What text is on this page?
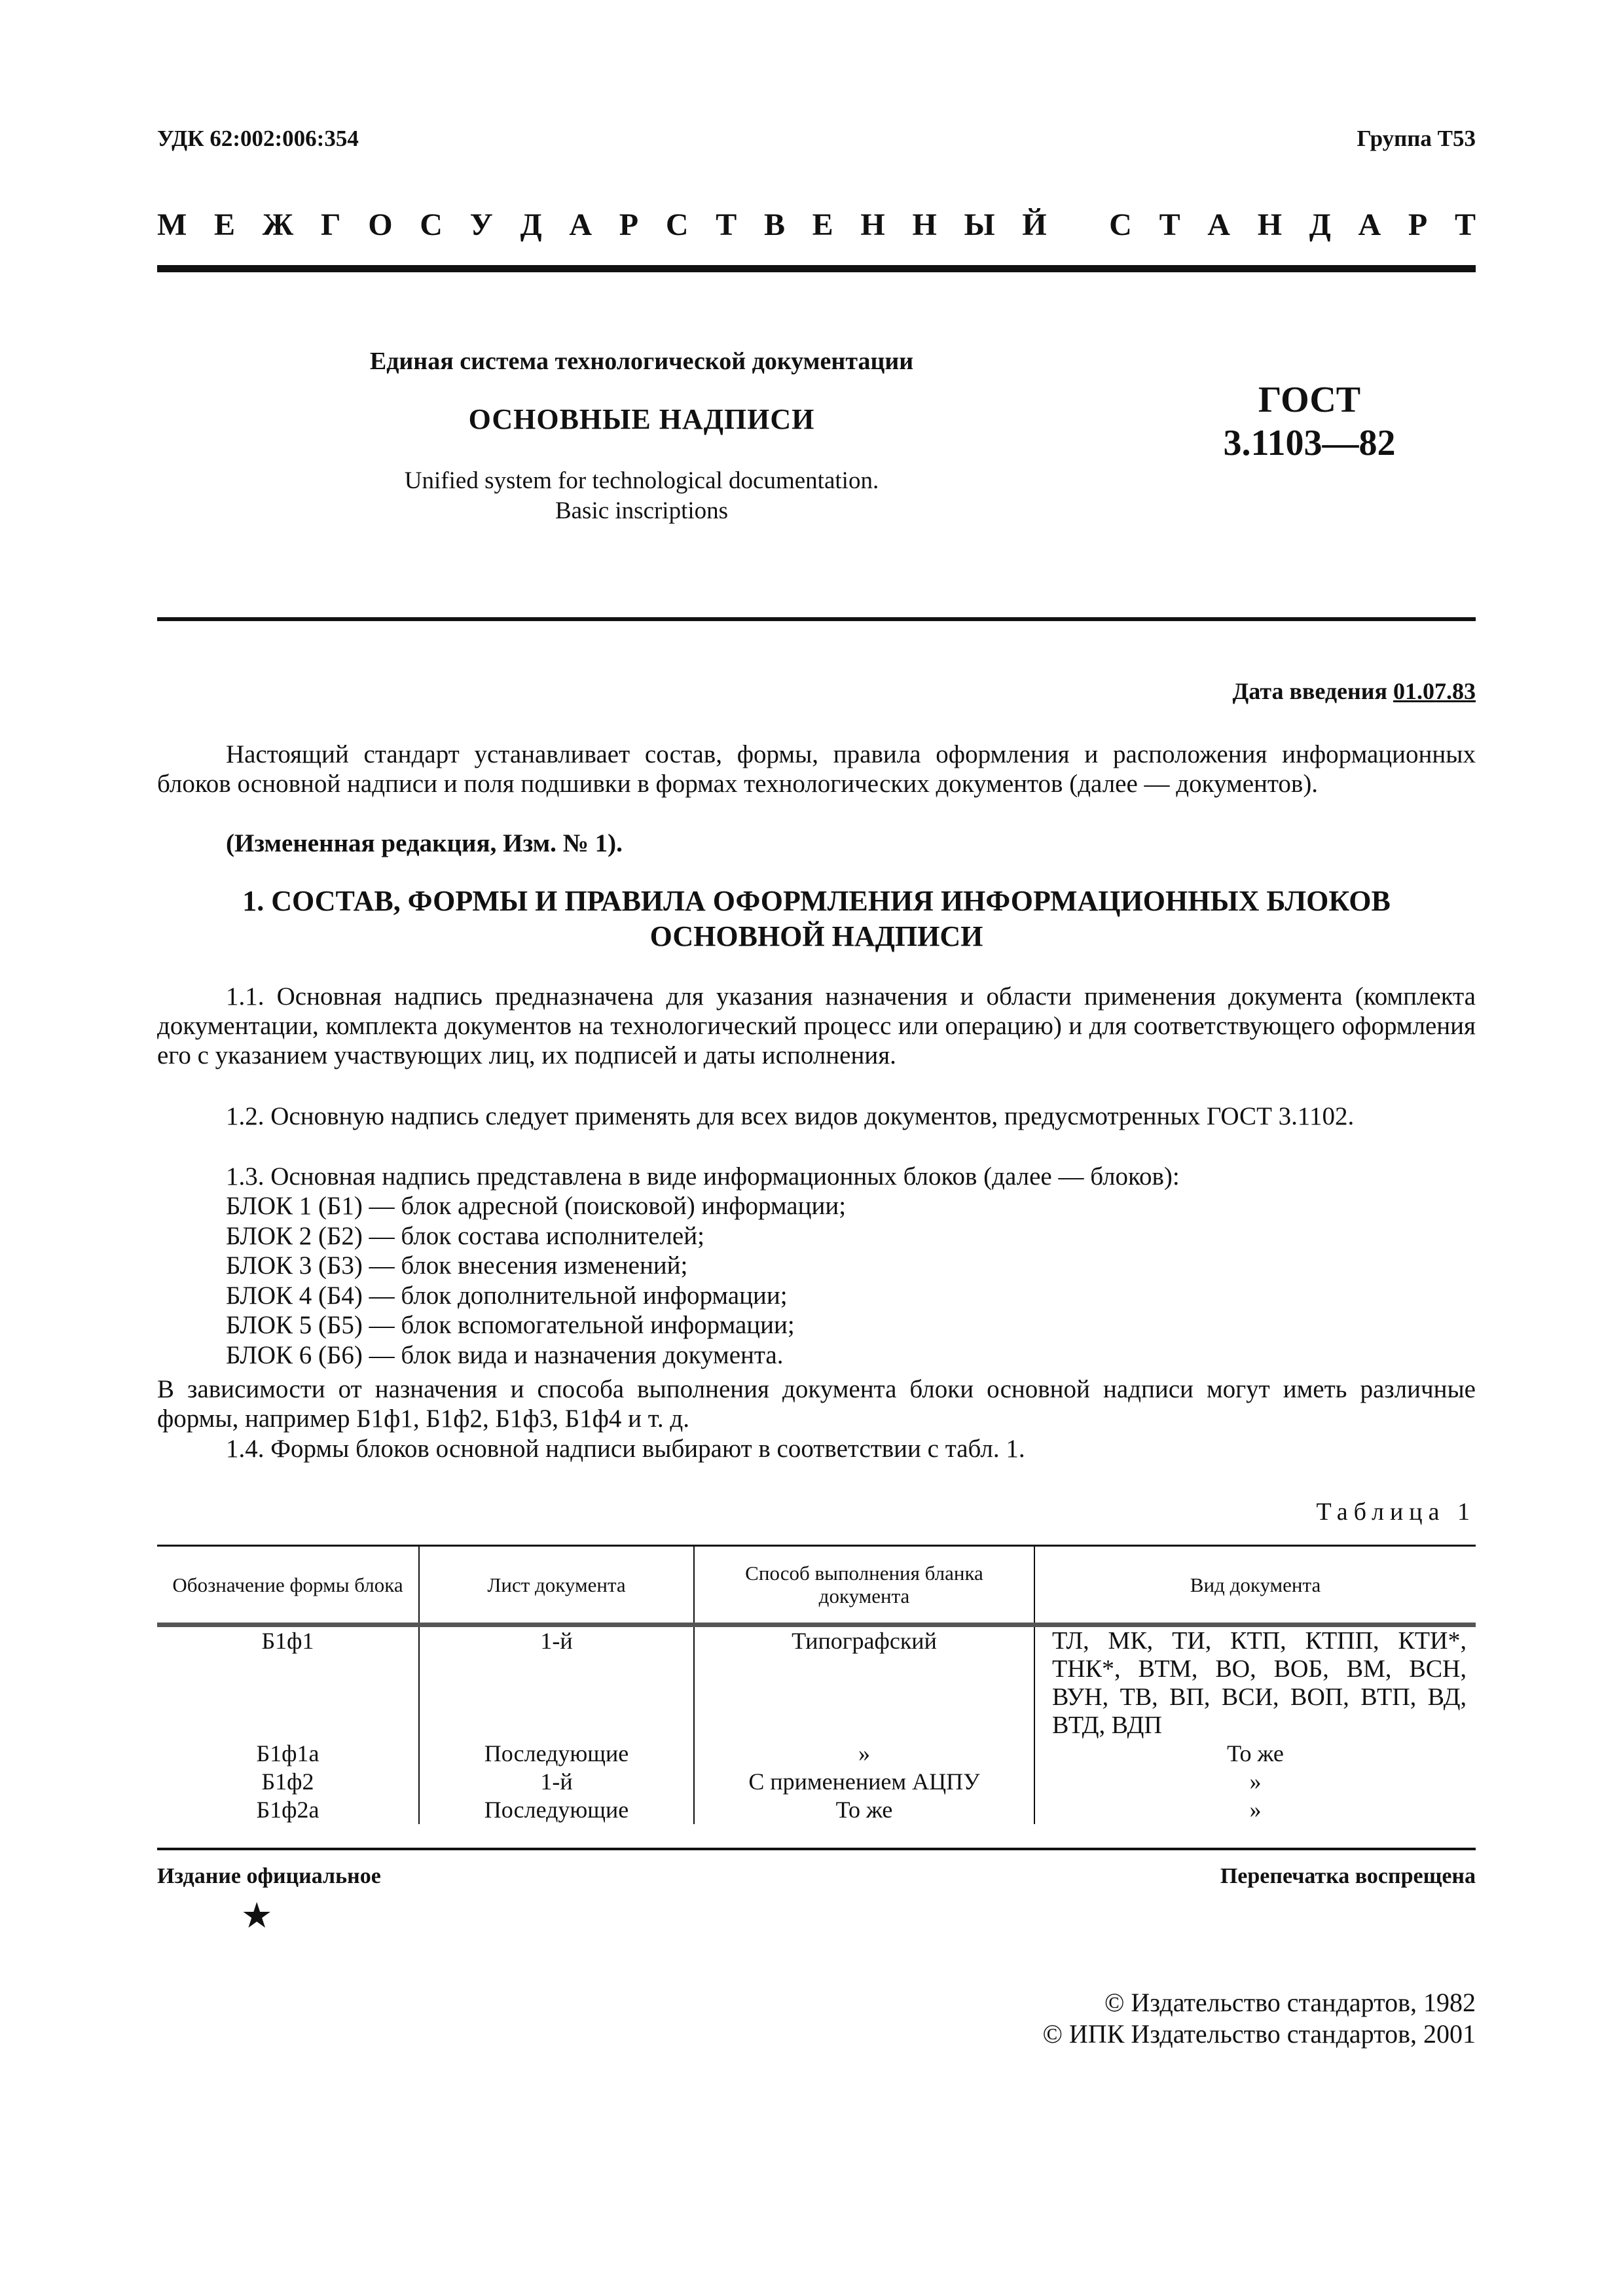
УДК 62:002:006:354	Группа Т53
М Е Ж Г О С У Д А Р С Т В Е Н Н Ы Й
С Т А Н Д А Р Т
Единая система технологической документации
ОСНОВНЫЕ НАДПИСИ
Unified system for technological documentation.
Basic inscriptions
ГОСТ
3.1103—82
Дата введения 01.07.83
Настоящий стандарт устанавливает состав, формы, правила оформления и расположения информационных блоков основной надписи и поля подшивки в формах технологических документов (далее — документов).
(Измененная редакция, Изм. № 1).
1. СОСТАВ, ФОРМЫ И ПРАВИЛА ОФОРМЛЕНИЯ ИНФОРМАЦИОННЫХ БЛОКОВ ОСНОВНОЙ НАДПИСИ
1.1. Основная надпись предназначена для указания назначения и области применения документа (комплекта документации, комплекта документов на технологический процесс или операцию) и для соответствующего оформления его с указанием участвующих лиц, их подписей и даты исполнения.
1.2. Основную надпись следует применять для всех видов документов, предусмотренных ГОСТ 3.1102.
1.3. Основная надпись представлена в виде информационных блоков (далее — блоков):
БЛОК 1 (Б1) — блок адресной (поисковой) информации;
БЛОК 2 (Б2) — блок состава исполнителей;
БЛОК 3 (Б3) — блок внесения изменений;
БЛОК 4 (Б4) — блок дополнительной информации;
БЛОК 5 (Б5) — блок вспомогательной информации;
БЛОК 6 (Б6) — блок вида и назначения документа.
В зависимости от назначения и способа выполнения документа блоки основной надписи могут иметь различные формы, например Б1ф1, Б1ф2, Б1ф3, Б1ф4 и т. д.
1.4. Формы блоков основной надписи выбирают в соответствии с табл. 1.
Таблица 1
Обозначение формы блока	Лист документа	Способ выполнения бланка документа	Вид документа
Б1ф1	1-й	Типографский	ТЛ, МК, ТИ, КТП, КТПП, КТИ*, ТНК*, ВТМ, ВО, ВОБ, ВМ, ВСН, ВУН, ТВ, ВП, ВСИ, ВОП, ВТП, ВД, ВТД, ВДП
Б1ф1а	Последующие	»	То же
Б1ф2	1-й	С применением АЦПУ	»
Б1ф2а	Последующие	То же	»
Издание официальное	Перепечатка воспрещена
★
© Издательство стандартов, 1982
© ИПК Издательство стандартов, 2001
